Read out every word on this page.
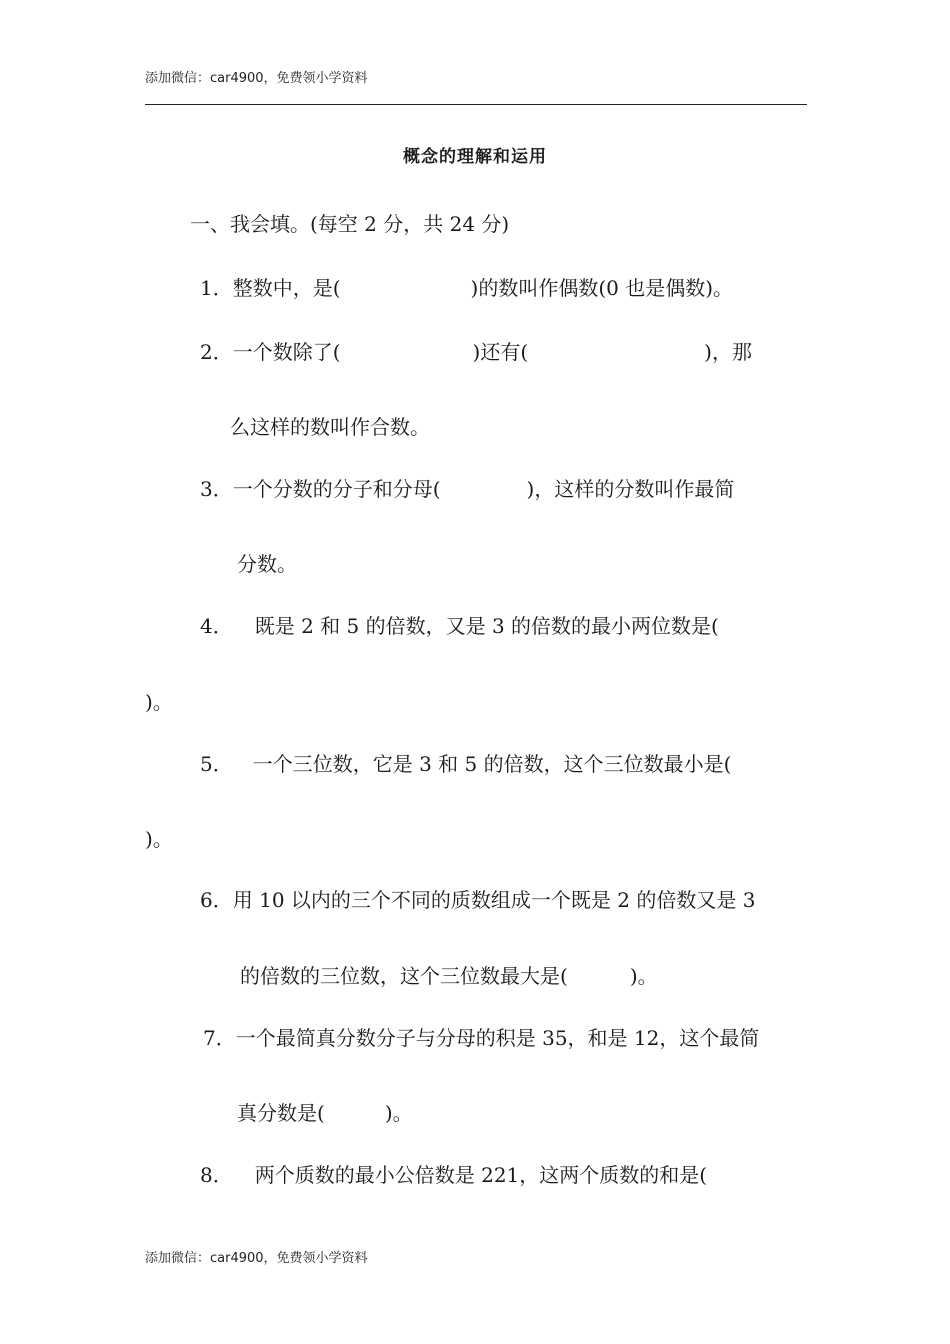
添加微信：car4900，免费领小学资料
概念的理解和运用
一、我会填。(每空 2 分，共 24 分)
1．整数中，是(	)的数叫作偶数(0 也是偶数)。
2．一个数除了(	)还有(	)，那
么这样的数叫作合数。
3．一个分数的分子和分母(	)，这样的分数叫作最简
分数。
4． 既是 2 和 5 的倍数，又是 3 的倍数的最小两位数是(
)。
5． 一个三位数，它是 3 和 5 的倍数，这个三位数最小是(
)。
6．用 10 以内的三个不同的质数组成一个既是 2 的倍数又是 3
的倍数的三位数，这个三位数最大是(	)。
7．一个最简真分数分子与分母的积是 35，和是 12，这个最简
真分数是(	)。
8． 两个质数的最小公倍数是 221，这两个质数的和是(
添加微信：car4900，免费领小学资料
